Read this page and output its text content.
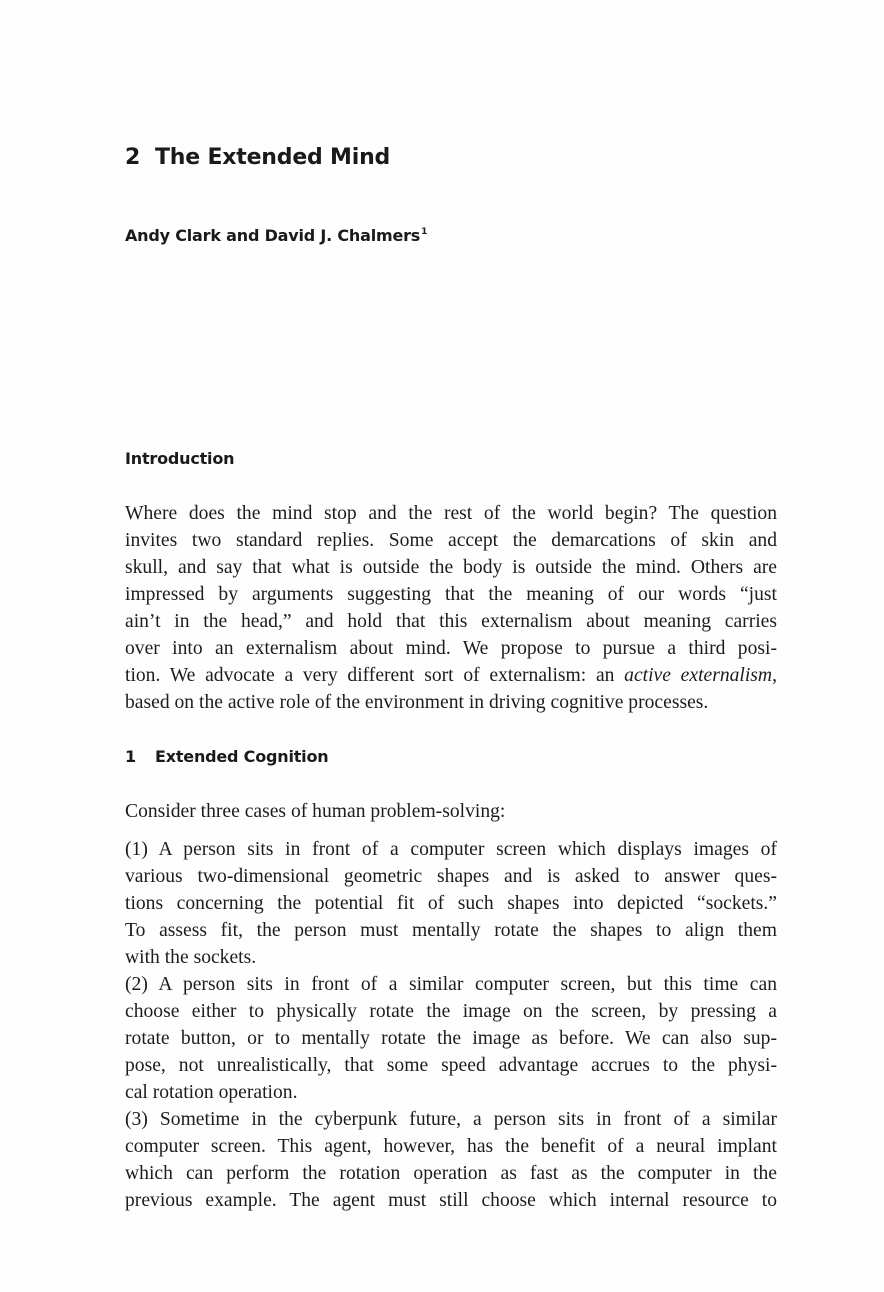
2 The Extended Mind
Andy Clark and David J. Chalmers$^1$
Introduction
Where does the mind stop and the rest of the world begin? The question
invites two standard replies. Some accept the demarcations of skin and
skull, and say that what is outside the body is outside the mind. Others are
impressed by arguments suggesting that the meaning of our words “just
ain’t in the head,” and hold that this externalism about meaning carries
over into an externalism about mind. We propose to pursue a third posi-
tion. We advocate a very different sort of externalism: an active externalism,
based on the active role of the environment in driving cognitive processes.
1 Extended Cognition
Consider three cases of human problem-solving:
(1) A person sits in front of a computer screen which displays images of
various two-dimensional geometric shapes and is asked to answer ques-
tions concerning the potential fit of such shapes into depicted “sockets.”
To assess fit, the person must mentally rotate the shapes to align them
with the sockets.
(2) A person sits in front of a similar computer screen, but this time can
choose either to physically rotate the image on the screen, by pressing a
rotate button, or to mentally rotate the image as before. We can also sup-
pose, not unrealistically, that some speed advantage accrues to the physi-
cal rotation operation.
(3) Sometime in the cyberpunk future, a person sits in front of a similar
computer screen. This agent, however, has the benefit of a neural implant
which can perform the rotation operation as fast as the computer in the
previous example. The agent must still choose which internal resource to
